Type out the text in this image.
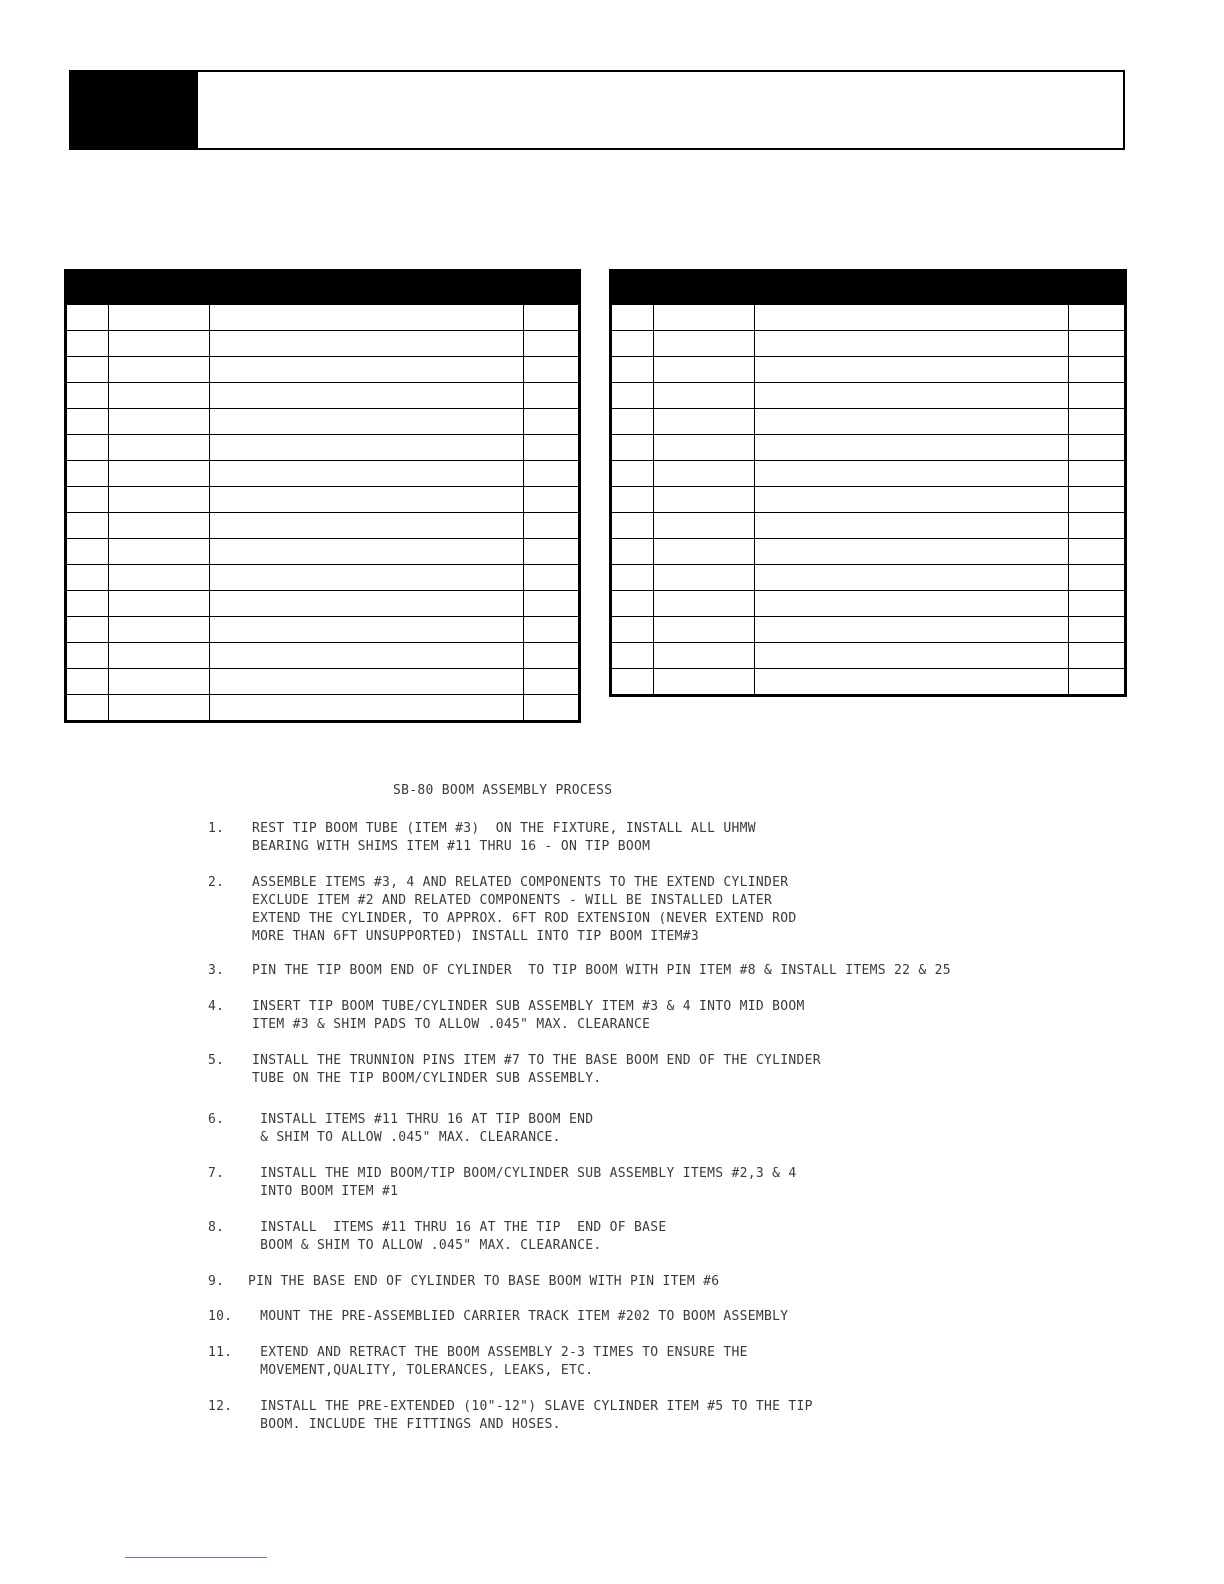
SB-80 BOOM ASSEMBLY PROCESS

1.

REST TIP BOOM TUBE (ITEM #3)  ON THE FIXTURE, INSTALL ALL UHMW
BEARING WITH SHIMS ITEM #11 THRU 16 - ON TIP BOOM

2.

ASSEMBLE ITEMS #3, 4 AND RELATED COMPONENTS TO THE EXTEND CYLINDER
EXCLUDE ITEM #2 AND RELATED COMPONENTS - WILL BE INSTALLED LATER
EXTEND THE CYLINDER, TO APPROX. 6FT ROD EXTENSION (NEVER EXTEND ROD
MORE THAN 6FT UNSUPPORTED) INSTALL INTO TIP BOOM ITEM#3

3.

PIN THE TIP BOOM END OF CYLINDER  TO TIP BOOM WITH PIN ITEM #8 & INSTALL ITEMS 22 & 25

4.

INSERT TIP BOOM TUBE/CYLINDER SUB ASSEMBLY ITEM #3 & 4 INTO MID BOOM
ITEM #3 & SHIM PADS TO ALLOW .045" MAX. CLEARANCE

5.

INSTALL THE TRUNNION PINS ITEM #7 TO THE BASE BOOM END OF THE CYLINDER
TUBE ON THE TIP BOOM/CYLINDER SUB ASSEMBLY.

6.

	INSTALL ITEMS #11 THRU 16 AT TIP BOOM END
& SHIM TO ALLOW .045" MAX. CLEARANCE.

7.

	INSTALL THE MID BOOM/TIP BOOM/CYLINDER SUB ASSEMBLY ITEMS #2,3 & 4
INTO BOOM ITEM #1

8.

	INSTALL  ITEMS #11 THRU 16 AT THE TIP  END OF BASE
BOOM & SHIM TO ALLOW .045" MAX. CLEARANCE.

9.

PIN THE BASE END OF CYLINDER TO BASE BOOM WITH PIN ITEM #6

10.

MOUNT THE PRE-ASSEMBLIED CARRIER TRACK ITEM #202 TO BOOM ASSEMBLY

11.

	EXTEND AND RETRACT THE BOOM ASSEMBLY 2-3 TIMES TO ENSURE THE
MOVEMENT,QUALITY, TOLERANCES, LEAKS, ETC.

12.

	INSTALL THE PRE-EXTENDED (10"-12") SLAVE CYLINDER ITEM #5 TO THE TIP
BOOM. INCLUDE THE FITTINGS AND HOSES.
